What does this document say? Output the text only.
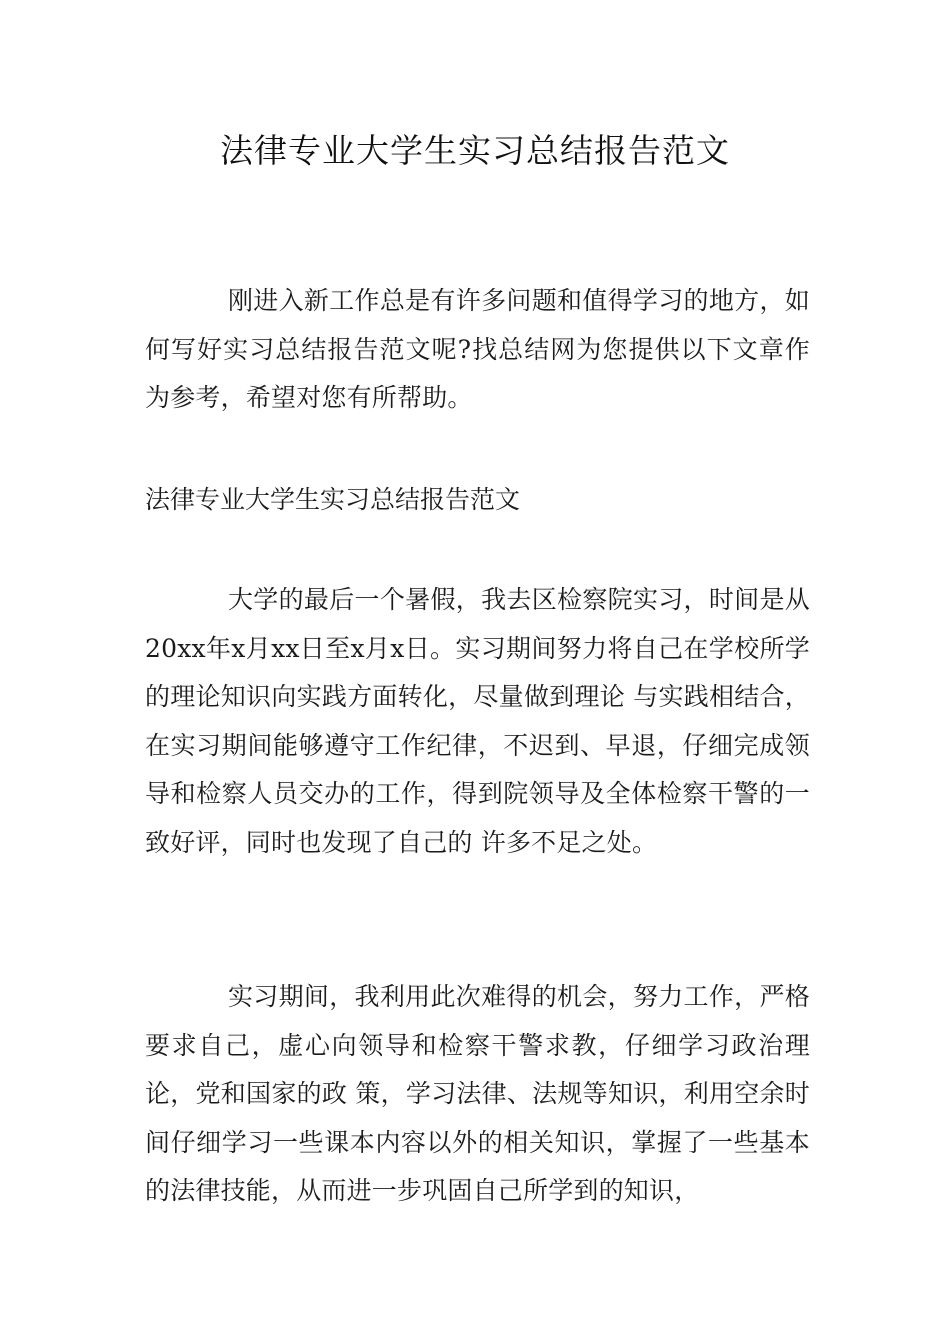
法律专业大学生实习总结报告范文

刚进入新工作总是有许多问题和值得学习的地方，如何写好实习总结报告范文呢?找总结网为您提供以下文章作为参考，希望对您有所帮助。

法律专业大学生实习总结报告范文

大学的最后一个暑假，我去区检察院实习，时间是从20xx年x月xx日至x月x日。实习期间努力将自己在学校所学的理论知识向实践方面转化，尽量做到理论 与实践相结合，在实习期间能够遵守工作纪律，不迟到、早退，仔细完成领导和检察人员交办的工作，得到院领导及全体检察干警的一致好评，同时也发现了自己的 许多不足之处。

实习期间，我利用此次难得的机会，努力工作，严格要求自己，虚心向领导和检察干警求教，仔细学习政治理论，党和国家的政 策，学习法律、法规等知识，利用空余时间仔细学习一些课本内容以外的相关知识，掌握了一些基本的法律技能，从而进一步巩固自己所学到的知识，
